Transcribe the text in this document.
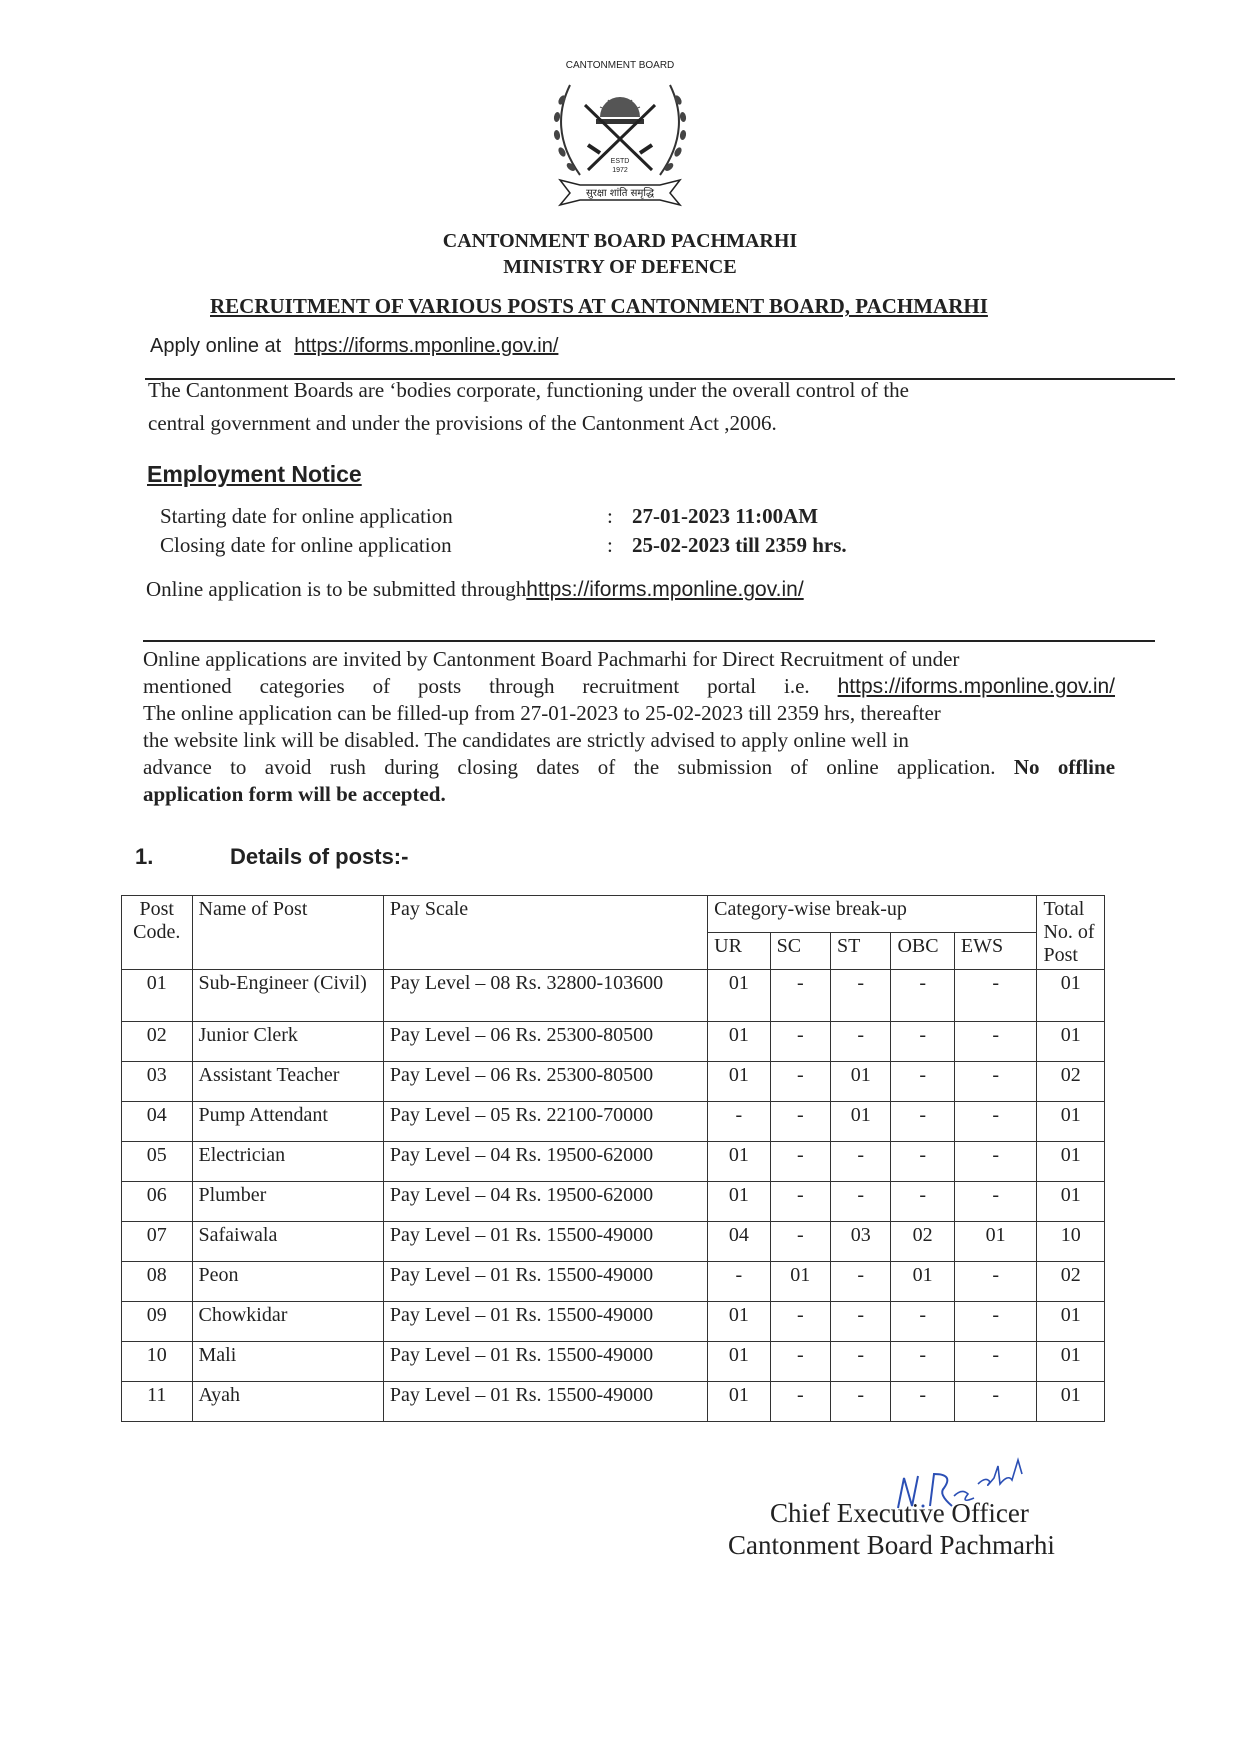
CANTONMENT BOARD
ESTD
1972
सुरक्षा शांति समृद्धि
CANTONMENT BOARD PACHMARHI
MINISTRY OF DEFENCE
RECRUITMENT OF VARIOUS POSTS AT CANTONMENT BOARD, PACHMARHI
Apply online at https://iforms.mponline.gov.in/
The Cantonment Boards are ‘bodies corporate, functioning under the overall control of the
central government and under the provisions of the Cantonment Act ,2006.
Employment Notice
Starting date for online application	: 27-01-2023 11:00AM
Closing date for online application	: 25-02-2023 till 2359 hrs.
Online application is to be submitted throughhttps://iforms.mponline.gov.in/
Online applications are invited by Cantonment Board Pachmarhi for Direct Recruitment of under
mentioned categories of posts through recruitment portal i.e. https://iforms.mponline.gov.in/
The online application can be filled-up from 27-01-2023 to 25-02-2023 till 2359 hrs, thereafter
the website link will be disabled. The candidates are strictly advised to apply online well in
advance to avoid rush during closing dates of the submission of online application. No offline
application form will be accepted.
1.	Details of posts:-
Post Code.	Name of Post	Pay Scale	Category-wise break-up					Total No. of Post
			UR	SC	ST	OBC	EWS	
01	Sub-Engineer (Civil)	Pay Level – 08 Rs. 32800-103600	01	-	-	-	-	01
02	Junior Clerk	Pay Level – 06 Rs. 25300-80500	01	-	-	-	-	01
03	Assistant Teacher	Pay Level – 06 Rs. 25300-80500	01	-	01	-	-	02
04	Pump Attendant	Pay Level – 05 Rs. 22100-70000	-	-	01	-	-	01
05	Electrician	Pay Level – 04 Rs. 19500-62000	01	-	-	-	-	01
06	Plumber	Pay Level – 04 Rs. 19500-62000	01	-	-	-	-	01
07	Safaiwala	Pay Level – 01 Rs. 15500-49000	04	-	03	02	01	10
08	Peon	Pay Level – 01 Rs. 15500-49000	-	01	-	01	-	02
09	Chowkidar	Pay Level – 01 Rs. 15500-49000	01	-	-	-	-	01
10	Mali	Pay Level – 01 Rs. 15500-49000	01	-	-	-	-	01
11	Ayah	Pay Level – 01 Rs. 15500-49000	01	-	-	-	-	01
Chief Executive Officer
Cantonment Board Pachmarhi
